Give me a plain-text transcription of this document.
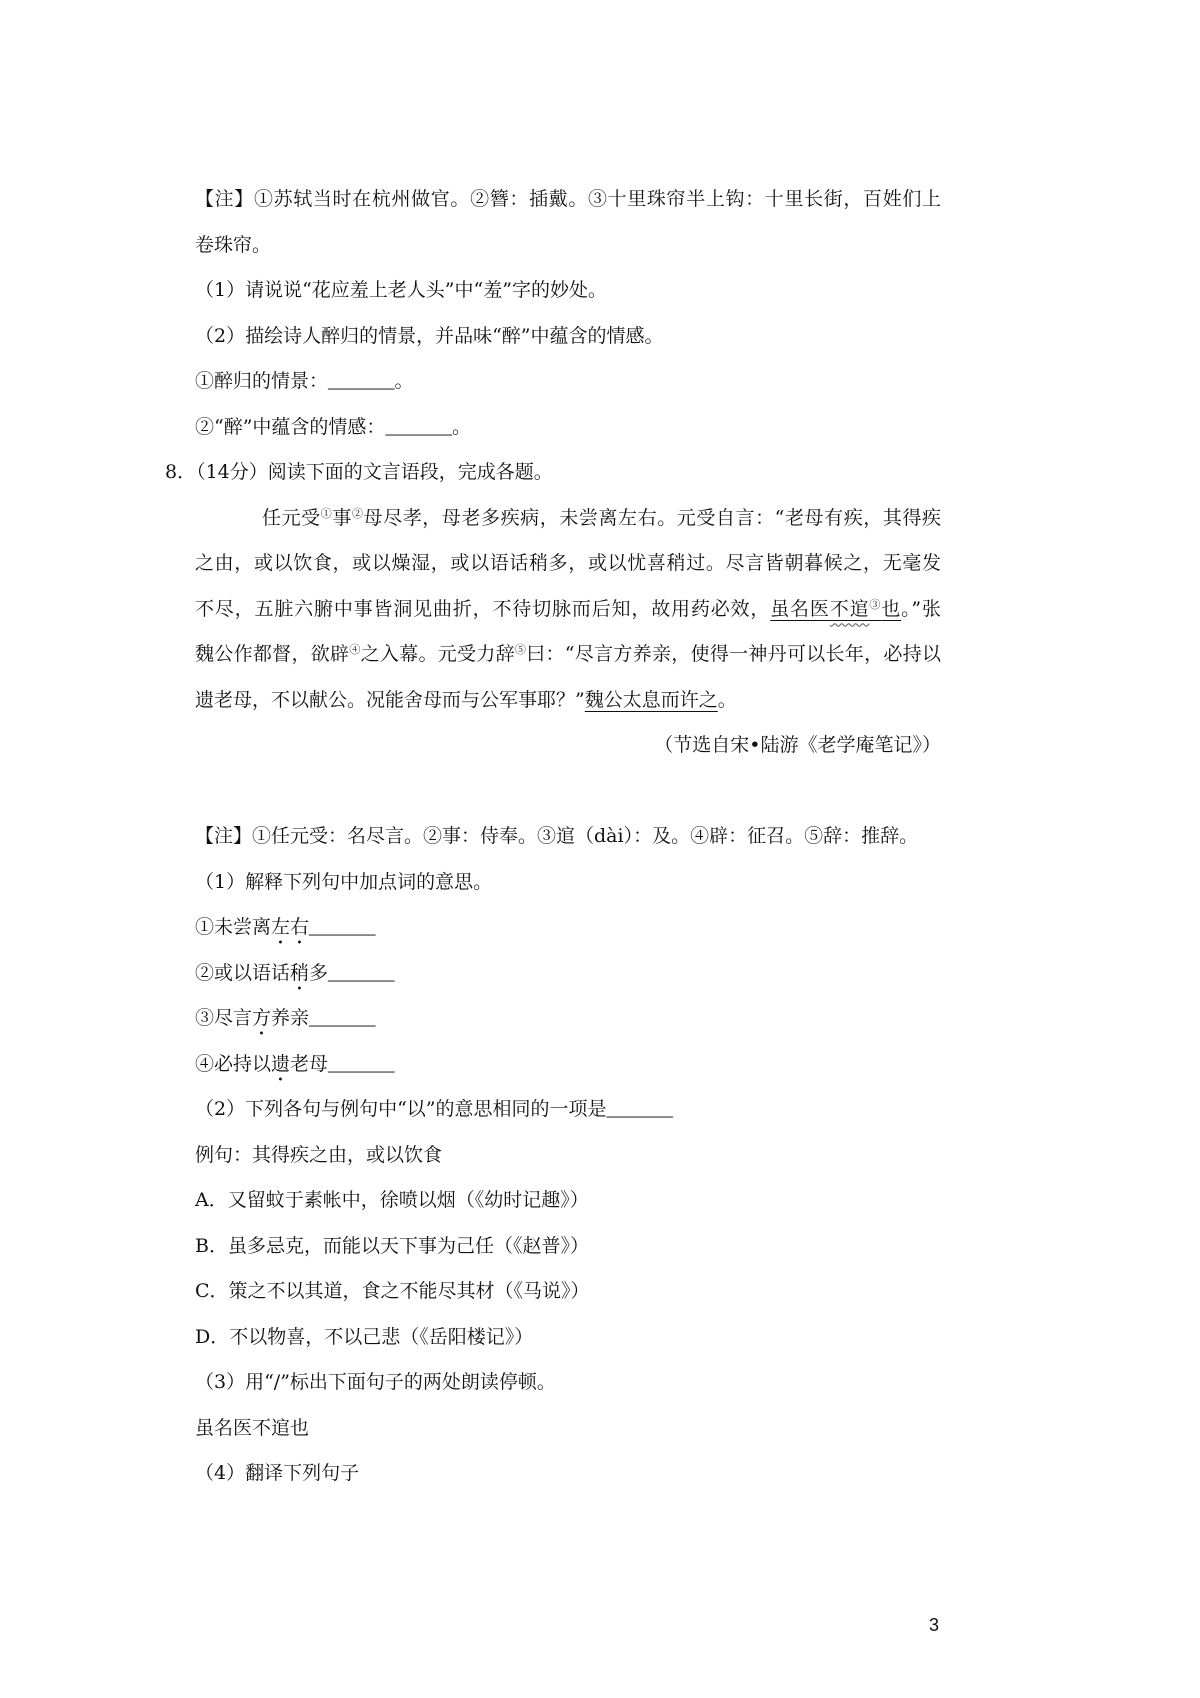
【注】①苏轼当时在杭州做官。②簪：插戴。③十里珠帘半上钩：十里长街，百姓们上
卷珠帘。
（1）请说说“花应羞上老人头”中“羞”字的妙处。
（2）描绘诗人醉归的情景，并品味“醉”中蕴含的情感。
①醉归的情景：_______。
②“醉”中蕴含的情感：_______。
8．（14分）阅读下面的文言语段，完成各题。
任元受①事②母尽孝，母老多疾病，未尝离左右。元受自言：“老母有疾，其得疾
之由，或以饮食，或以燥湿，或以语话稍多，或以忧喜稍过。尽言皆朝暮候之，无毫发
不尽，五脏六腑中事皆洞见曲折，不待切脉而后知，故用药必效，虽名医不逭③也。”张
魏公作都督，欲辟④之入幕。元受力辞⑤曰：“尽言方养亲，使得一神丹可以长年，必持以
遗老母，不以献公。况能舍母而与公军事耶？”魏公太息而许之。
（节选自宋•陆游《老学庵笔记》）
【注】①任元受：名尽言。②事：侍奉。③逭（dài）：及。④辟：征召。⑤辞：推辞。
（1）解释下列句中加点词的意思。
①未尝离左右_______
②或以语话稍多_______
③尽言方养亲_______
④必持以遗老母_______
（2）下列各句与例句中“以”的意思相同的一项是_______
例句：其得疾之由，或以饮食
A．又留蚊于素帐中，徐喷以烟（《幼时记趣》）
B．虽多忌克，而能以天下事为己任（《赵普》）
C．策之不以其道，食之不能尽其材（《马说》）
D．不以物喜，不以己悲（《岳阳楼记》）
（3）用“/”标出下面句子的两处朗读停顿。
虽名医不逭也
（4）翻译下列句子
3
